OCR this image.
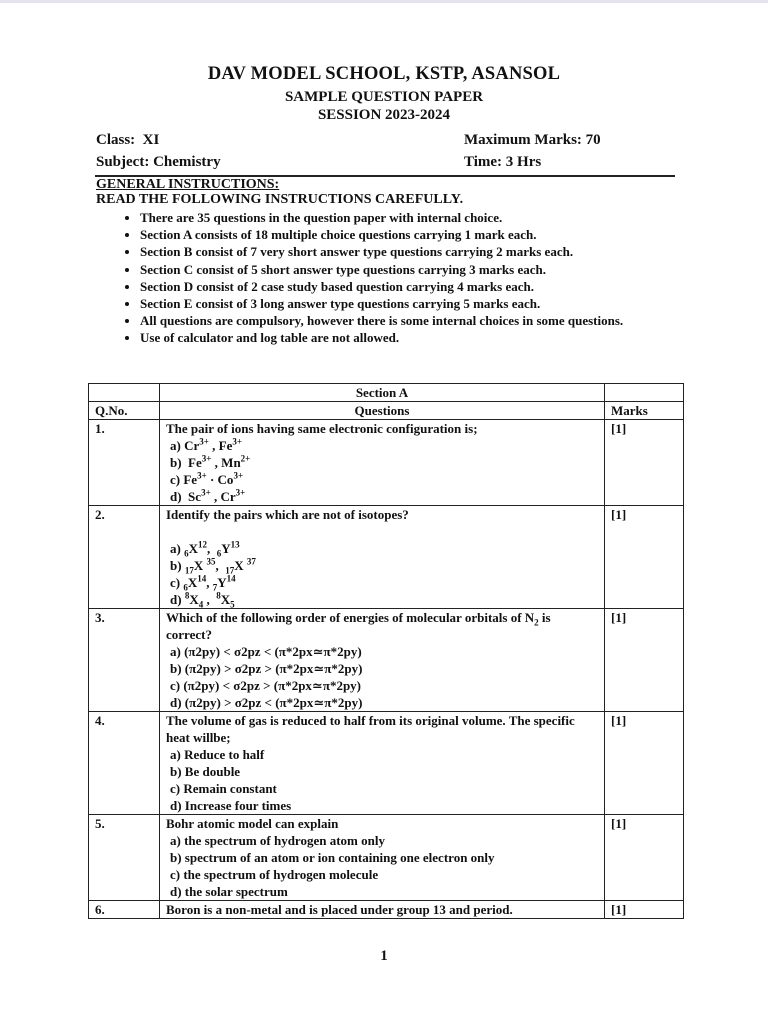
DAV MODEL SCHOOL, KSTP, ASANSOL
SAMPLE QUESTION PAPER
SESSION 2023-2024
Class: XI	Maximum Marks: 70
Subject: Chemistry	Time: 3 Hrs
GENERAL INSTRUCTIONS:
READ THE FOLLOWING INSTRUCTIONS CAREFULLY.
• There are 35 questions in the question paper with internal choice.
• Section A consists of 18 multiple choice questions carrying 1 mark each.
• Section B consist of 7 very short answer type questions carrying 2 marks each.
• Section C consist of 5 short answer type questions carrying 3 marks each.
• Section D consist of 2 case study based question carrying 4 marks each.
• Section E consist of 3 long answer type questions carrying 5 marks each.
• All questions are compulsory, however there is some internal choices in some questions.
• Use of calculator and log table are not allowed.
	Section A	
Q.No.	Questions	Marks
1.	The pair of ions having same electronic configuration is;
a) $Cr^{3+}$ , $Fe^{3+}$
b)  $Fe^{3+}$ , $Mn^{2+}$
c) $Fe^{3+} \cdot Co^{3+}$
d)  $Sc^{3+}$ , $Cr^{3+}$	[1]
2.	Identify the pairs which are not of isotopes?
a) $_6X^{12}$,  $_6Y^{13}$
b) $_{17}$X $^{35}$,  $_{17}$X $^{37}$
c) $_6X^{14}$, $_7Y^{14}$
d) $^8X_4$ ,  $^8X_5$	[1]
3.	Which of the following order of energies of molecular orbitals of $N_2$ is correct?
a) (π2py) < σ2pz < (π*2px≃π*2py)
b) (π2py) > σ2pz > (π*2px≃π*2py)
c) (π2py) < σ2pz > (π*2px≃π*2py)
d) (π2py) > σ2pz < (π*2px≃π*2py)	[1]
4.	The volume of gas is reduced to half from its original volume. The specific heat willbe;
a) Reduce to half
b) Be double
c) Remain constant
d) Increase four times	[1]
5.	Bohr atomic model can explain
a) the spectrum of hydrogen atom only
b) spectrum of an atom or ion containing one electron only
c) the spectrum of hydrogen molecule
d) the solar spectrum	[1]
6.	Boron is a non-metal and is placed under group 13 and period.	[1]
1
